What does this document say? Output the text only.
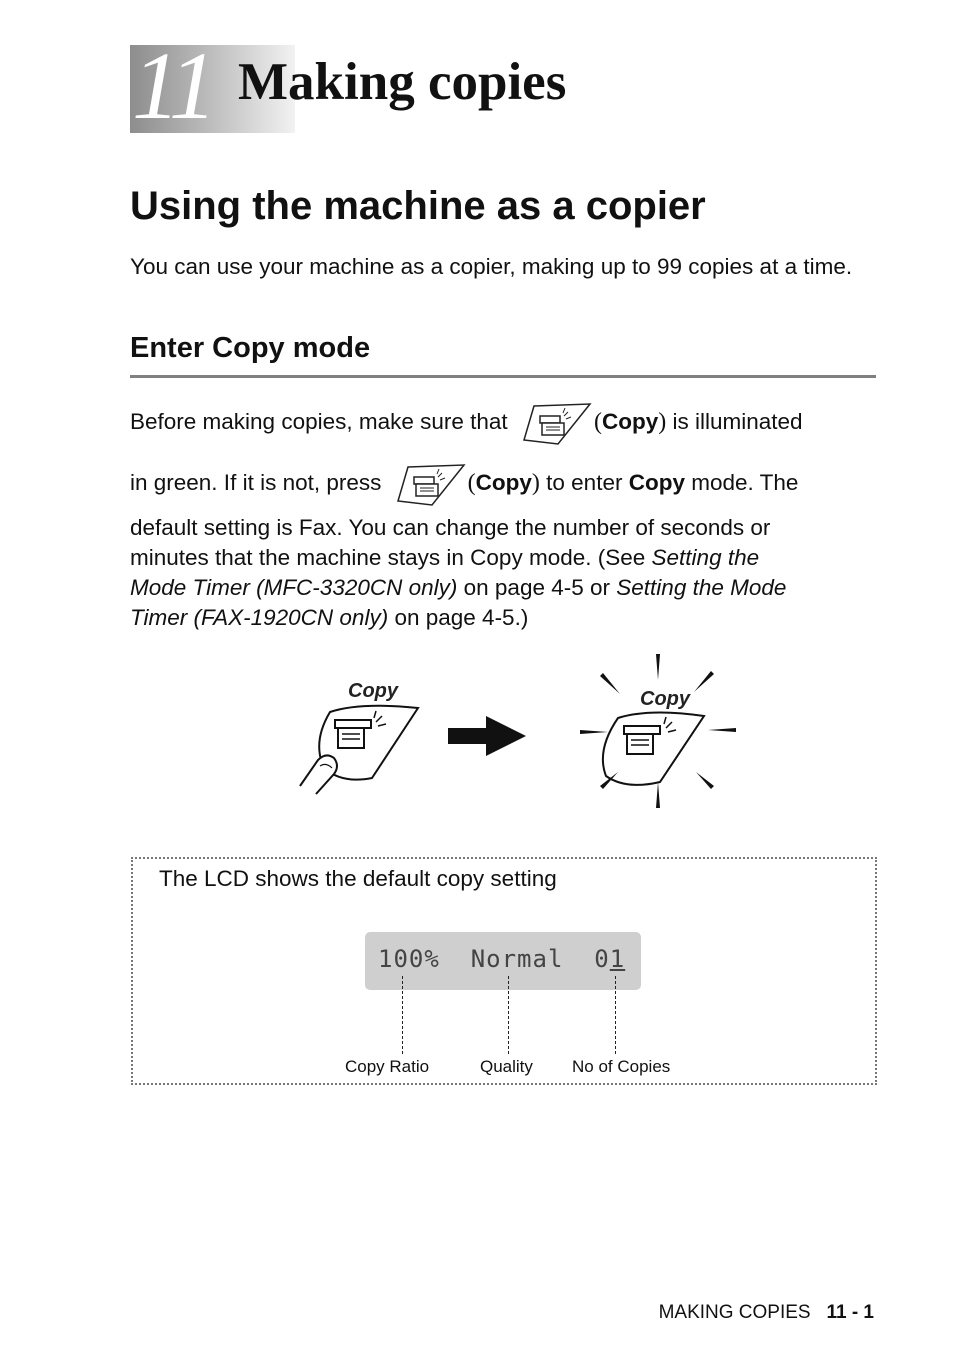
11 Making copies
Using the machine as a copier
You can use your machine as a copier, making up to 99 copies at a time.
Enter Copy mode
Before making copies, make sure that	(Copy) is illuminated
in green. If it is not, press	(Copy) to enter Copy mode. The
default setting is Fax. You can change the number of seconds or
minutes that the machine stays in Copy mode. (See Setting the
Mode Timer (MFC-3320CN only) on page 4-5 or Setting the Mode
Timer (FAX-1920CN only) on page 4-5.)
Copy	Copy
The LCD shows the default copy setting
100%  Normal  01
Copy Ratio	Quality No of Copies
MAKING COPIES 11 - 1
